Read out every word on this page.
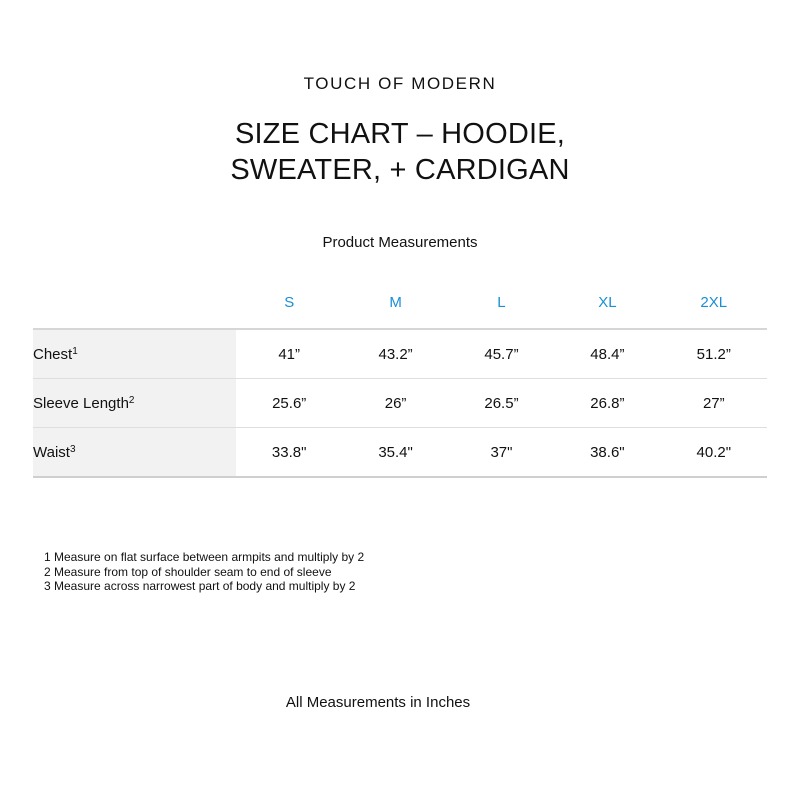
TOUCH OF MODERN
SIZE CHART – HOODIE,
SWEATER, + CARDIGAN
Product Measurements
	S	M	L	XL	2XL
Chest$^1$	41”	43.2”	45.7”	48.4”	51.2”
Sleeve Length$^2$	25.6”	26”	26.5”	26.8”	27”
Waist$^3$	33.8"	35.4"	37"	38.6"	40.2"
1 Measure on flat surface between armpits and multiply by 2
2 Measure from top of shoulder seam to end of sleeve
3 Measure across narrowest part of body and multiply by 2
All Measurements in Inches
